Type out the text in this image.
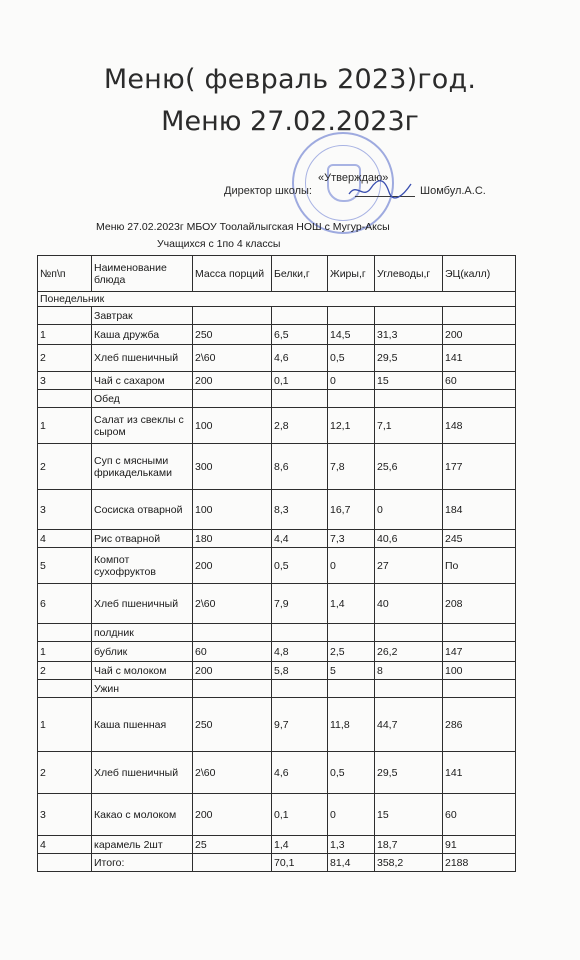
Меню( февраль 2023)год.
Меню 27.02.2023г
«Утверждаю»
Директор школы:	Шомбул.А.С.
Меню 27.02.2023г МБОУ Тоолайлыгская НОШ с Мугур-Аксы
Учащихся с 1по 4 классы
№п\п	Наименование блюда	Масса порций	Белки,г	Жиры,г	Углеводы,г	ЭЦ(калл)
Понедельник						
	Завтрак					
1	Каша дружба	250	6,5	14,5	31,3	200
2	Хлеб пшеничный	2\60	4,6	0,5	29,5	141
3	Чай с сахаром	200	0,1	0	15	60
	Обед					
1	Салат из свеклы с сыром	100	2,8	12,1	7,1	148
2	Суп с мясными фрикадельками	300	8,6	7,8	25,6	177
3	Сосиска отварной	100	8,3	16,7	0	184
4	Рис отварной	180	4,4	7,3	40,6	245
5	Компот сухофруктов	200	0,5	0	27	По
6	Хлеб пшеничный	2\60	7,9	1,4	40	208
	полдник					
1	бублик	60	4,8	2,5	26,2	147
2	Чай с молоком	200	5,8	5	8	100
	Ужин					
1	Каша пшенная	250	9,7	11,8	44,7	286
2	Хлеб пшеничный	2\60	4,6	0,5	29,5	141
3	Какао с молоком	200	0,1	0	15	60
4	карамель 2шт	25	1,4	1,3	18,7	91
	Итого:		70,1	81,4	358,2	2188
